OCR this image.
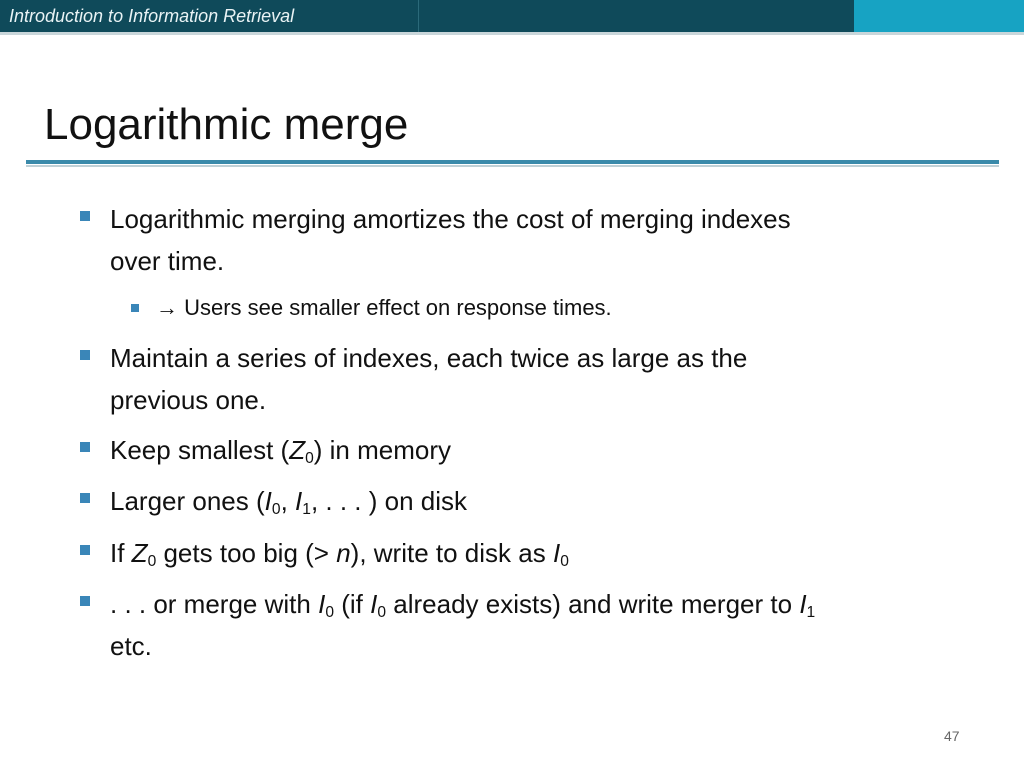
Introduction to Information Retrieval
Logarithmic merge
Logarithmic merging amortizes the cost of merging indexes
over time.
→ Users see smaller effect on response times.
Maintain a series of indexes, each twice as large as the
previous one.
Keep smallest $(Z_0)$ in memory
Larger ones ($I_0$, $I_1$, . . . ) on disk
If $Z_0$ gets too big (> n), write to disk as $I_0$
. . . or merge with $I_0$ (if $I_0$ already exists) and write merger to $I_1$
etc.
47
